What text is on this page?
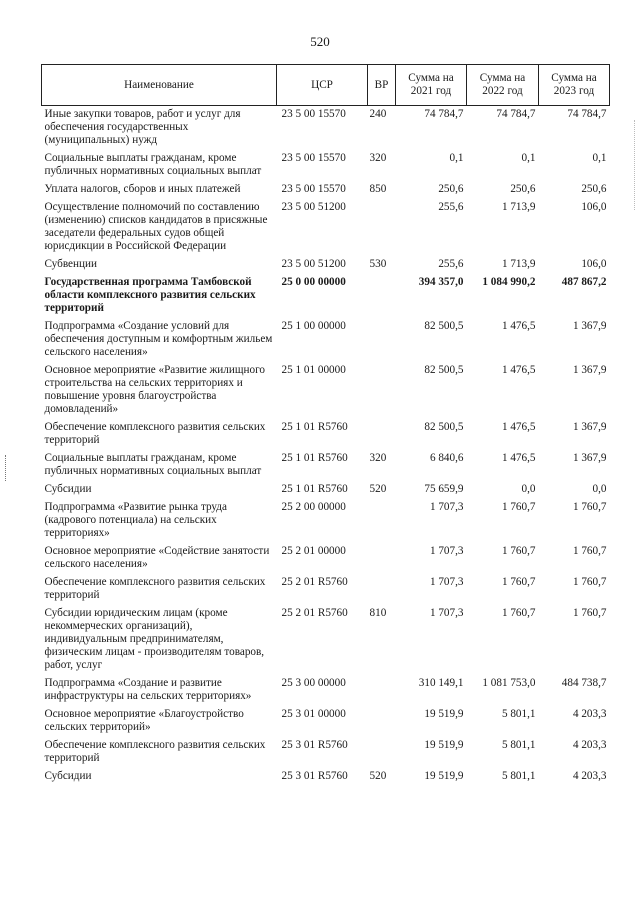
520
Наименование	ЦСР	ВР	Сумма на 2021 год	Сумма на 2022 год	Сумма на 2023 год
Иные закупки товаров, работ и услуг для обеспечения государственных (муниципальных) нужд	23 5 00 15570	240	74 784,7	74 784,7	74 784,7
Социальные выплаты гражданам, кроме публичных нормативных социальных выплат	23 5 00 15570	320	0,1	0,1	0,1
Уплата налогов, сборов и иных платежей	23 5 00 15570	850	250,6	250,6	250,6
Осуществление полномочий по составлению (изменению) списков кандидатов в присяжные заседатели федеральных судов общей юрисдикции в Российской Федерации	23 5 00 51200		255,6	1 713,9	106,0
Субвенции	23 5 00 51200	530	255,6	1 713,9	106,0
Государственная программа Тамбовской области комплексного развития сельских территорий	25 0 00 00000		394 357,0	1 084 990,2	487 867,2
Подпрограмма «Создание условий для обеспечения доступным и комфортным жильем сельского населения»	25 1 00 00000		82 500,5	1 476,5	1 367,9
Основное мероприятие «Развитие жилищного строительства на сельских территориях и повышение уровня благоустройства домовладений»	25 1 01 00000		82 500,5	1 476,5	1 367,9
Обеспечение комплексного развития сельских территорий	25 1 01 R5760		82 500,5	1 476,5	1 367,9
Социальные выплаты гражданам, кроме публичных нормативных социальных выплат	25 1 01 R5760	320	6 840,6	1 476,5	1 367,9
Субсидии	25 1 01 R5760	520	75 659,9	0,0	0,0
Подпрограмма «Развитие рынка труда (кадрового потенциала) на сельских территориях»	25 2 00 00000		1 707,3	1 760,7	1 760,7
Основное мероприятие «Содействие занятости сельского населения»	25 2 01 00000		1 707,3	1 760,7	1 760,7
Обеспечение комплексного развития сельских территорий	25 2 01 R5760		1 707,3	1 760,7	1 760,7
Субсидии юридическим лицам (кроме некоммерческих организаций), индивидуальным предпринимателям, физическим лицам - производителям товаров, работ, услуг	25 2 01 R5760	810	1 707,3	1 760,7	1 760,7
Подпрограмма «Создание и развитие инфраструктуры на сельских территориях»	25 3 00 00000		310 149,1	1 081 753,0	484 738,7
Основное мероприятие «Благоустройство сельских территорий»	25 3 01 00000		19 519,9	5 801,1	4 203,3
Обеспечение комплексного развития сельских территорий	25 3 01 R5760		19 519,9	5 801,1	4 203,3
Субсидии	25 3 01 R5760	520	19 519,9	5 801,1	4 203,3
